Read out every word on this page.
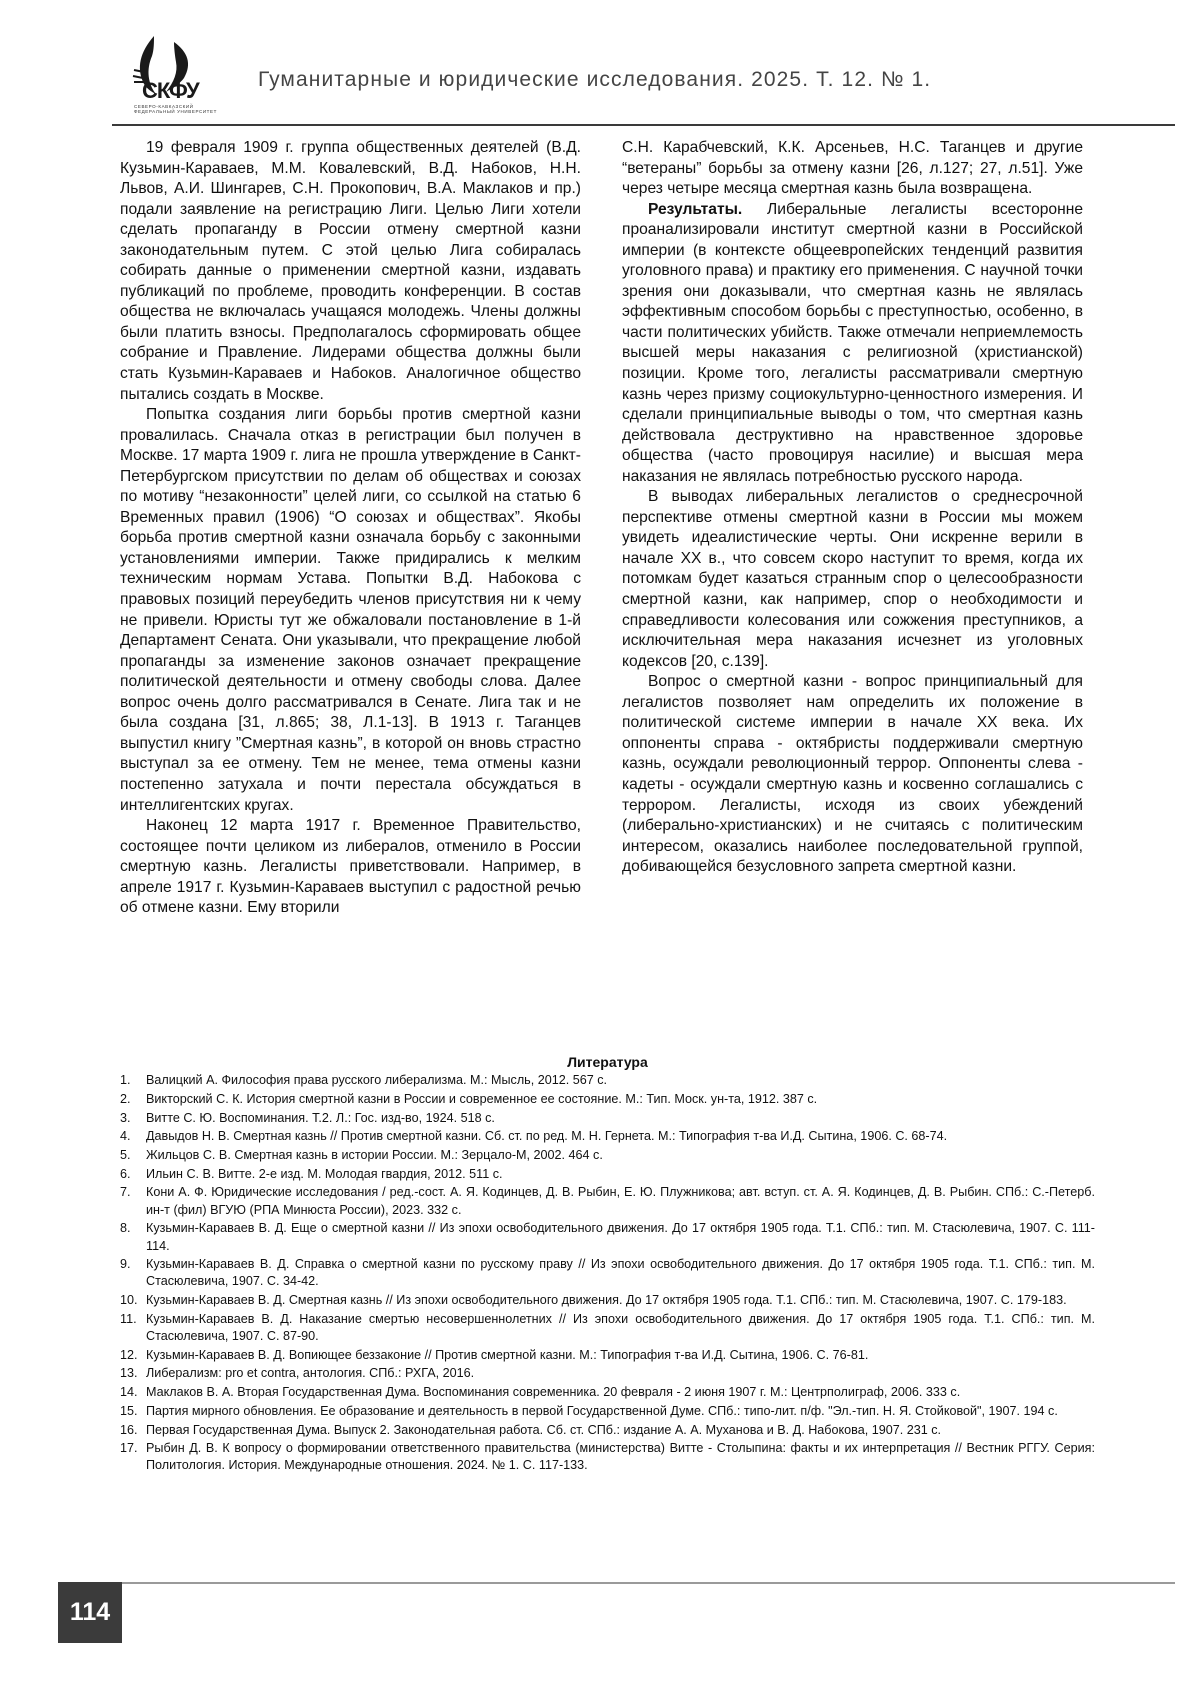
СКФУ
СЕВЕРО-КАВКАЗСКИЙ
ФЕДЕРАЛЬНЫЙ УНИВЕРСИТЕТ
Гуманитарные и юридические исследования. 2025. Т. 12. № 1.

19 февраля 1909 г. группа общественных деятелей (В.Д. Кузьмин-Караваев, М.М. Ковалевский, В.Д. Набоков, Н.Н. Львов, А.И. Шингарев, С.Н. Прокопович, В.А. Маклаков и пр.) подали заявление на регистрацию Лиги. Целью Лиги хотели сделать пропаганду в России отмену смертной казни законодательным путем. С этой целью Лига собиралась собирать данные о применении смертной казни, издавать публикаций по проблеме, проводить конференции. В состав общества не включалась учащаяся молодежь. Члены должны были платить взносы. Предполагалось сформировать общее собрание и Правление. Лидерами общества должны были стать Кузьмин-Караваев и Набоков. Аналогичное общество пытались создать в Москве.

Попытка создания лиги борьбы против смертной казни провалилась. Сначала отказ в регистрации был получен в Москве. 17 марта 1909 г. лига не прошла утверждение в Санкт-Петербургском присутствии по делам об обществах и союзах по мотиву “незаконности” целей лиги, со ссылкой на статью 6 Временных правил (1906) “О союзах и обществах”. Якобы борьба против смертной казни означала борьбу с законными установлениями империи. Также придирались к мелким техническим нормам Устава. Попытки В.Д. Набокова с правовых позиций переубедить членов присутствия ни к чему не привели. Юристы тут же обжаловали постановление в 1-й Департамент Сената. Они указывали, что прекращение любой пропаганды за изменение законов означает прекращение политической деятельности и отмену свободы слова. Далее вопрос очень долго рассматривался в Сенате. Лига так и не была создана [31, л.865; 38, Л.1-13]. В 1913 г. Таганцев выпустил книгу ”Смертная казнь”, в которой он вновь страстно выступал за ее отмену. Тем не менее, тема отмены казни постепенно затухала и почти перестала обсуждаться в интеллигентских кругах.

Наконец 12 марта 1917 г. Временное Правительство, состоящее почти целиком из либералов, отменило в России смертную казнь. Легалисты приветствовали. Например, в апреле 1917 г. Кузьмин-Караваев выступил с радостной речью об отмене казни. Ему вторили

С.Н. Карабчевский, К.К. Арсеньев, Н.С. Таганцев и другие “ветераны” борьбы за отмену казни [26, л.127; 27, л.51]. Уже через четыре месяца смертная казнь была возвращена.

Результаты. Либеральные легалисты всесторонне проанализировали институт смертной казни в Российской империи (в контексте общеевропейских тенденций развития уголовного права) и практику его применения. С научной точки зрения они доказывали, что смертная казнь не являлась эффективным способом борьбы с преступностью, особенно, в части политических убийств. Также отмечали неприемлемость высшей меры наказания с религиозной (христианской) позиции. Кроме того, легалисты рассматривали смертную казнь через призму социокультурно-ценностного измерения. И сделали принципиальные выводы о том, что смертная казнь действовала деструктивно на нравственное здоровье общества (часто провоцируя насилие) и высшая мера наказания не являлась потребностью русского народа.

В выводах либеральных легалистов о среднесрочной перспективе отмены смертной казни в России мы можем увидеть идеалистические черты. Они искренне верили в начале XX в., что совсем скоро наступит то время, когда их потомкам будет казаться странным спор о целесообразности смертной казни, как например, спор о необходимости и справедливости колесования или сожжения преступников, а исключительная мера наказания исчезнет из уголовных кодексов [20, с.139].

Вопрос о смертной казни - вопрос принципиальный для легалистов позволяет нам определить их положение в политической системе империи в начале XX века. Их оппоненты справа - октябристы поддерживали смертную казнь, осуждали революционный террор. Оппоненты слева - кадеты - осуждали смертную казнь и косвенно соглашались с террором. Легалисты, исходя из своих убеждений (либерально-христианских) и не считаясь с политическим интересом, оказались наиболее последовательной группой, добивающейся безусловного запрета смертной казни.

Литература
1. Валицкий А. Философия права русского либерализма. М.: Мысль, 2012. 567 с.
2. Викторский С. К. История смертной казни в России и современное ее состояние. М.: Тип. Моск. ун-та, 1912. 387 с.
3. Витте С. Ю. Воспоминания. Т.2. Л.: Гос. изд-во, 1924. 518 с.
4. Давыдов Н. В. Смертная казнь // Против смертной казни. Сб. ст. по ред. М. Н. Гернета. М.: Типография т-ва И.Д. Сытина, 1906. С. 68-74.
5. Жильцов С. В. Смертная казнь в истории России. М.: Зерцало-М, 2002. 464 с.
6. Ильин С. В. Витте. 2-е изд. М. Молодая гвардия, 2012. 511 с.
7. Кони А. Ф. Юридические исследования / ред.-сост. А. Я. Кодинцев, Д. В. Рыбин, Е. Ю. Плужникова; авт. вступ. ст. А. Я. Кодинцев, Д. В. Рыбин. СПб.: С.-Петерб. ин-т (фил) ВГУЮ (РПА Минюста России), 2023. 332 с.
8. Кузьмин-Караваев В. Д. Еще о смертной казни // Из эпохи освободительного движения. До 17 октября 1905 года. Т.1. СПб.: тип. М. Стасюлевича, 1907. С. 111-114.
9. Кузьмин-Караваев В. Д. Справка о смертной казни по русскому праву // Из эпохи освободительного движения. До 17 октября 1905 года. Т.1. СПб.: тип. М. Стасюлевича, 1907. С. 34-42.
10. Кузьмин-Караваев В. Д. Смертная казнь // Из эпохи освободительного движения. До 17 октября 1905 года. Т.1. СПб.: тип. М. Стасюлевича, 1907. С. 179-183.
11. Кузьмин-Караваев В. Д. Наказание смертью несовершеннолетних // Из эпохи освободительного движения. До 17 октября 1905 года. Т.1. СПб.: тип. М. Стасюлевича, 1907. С. 87-90.
12. Кузьмин-Караваев В. Д. Вопиющее беззаконие // Против смертной казни. М.: Типография т-ва И.Д. Сытина, 1906. С. 76-81.
13. Либерализм: pro et contra, антология. СПб.: РХГА, 2016.
14. Маклаков В. А. Вторая Государственная Дума. Воспоминания современника. 20 февраля - 2 июня 1907 г. М.: Центрполиграф, 2006. 333 с.
15. Партия мирного обновления. Ее образование и деятельность в первой Государственной Думе. СПб.: типо-лит. п/ф. "Эл.-тип. Н. Я. Стойковой", 1907. 194 с.
16. Первая Государственная Дума. Выпуск 2. Законодательная работа. Сб. ст. СПб.: издание А. А. Муханова и В. Д. Набокова, 1907. 231 с.
17. Рыбин Д. В. К вопросу о формировании ответственного правительства (министерства) Витте - Столыпина: факты и их интерпретация // Вестник РГГУ. Серия: Политология. История. Международные отношения. 2024. № 1. С. 117-133.
114
